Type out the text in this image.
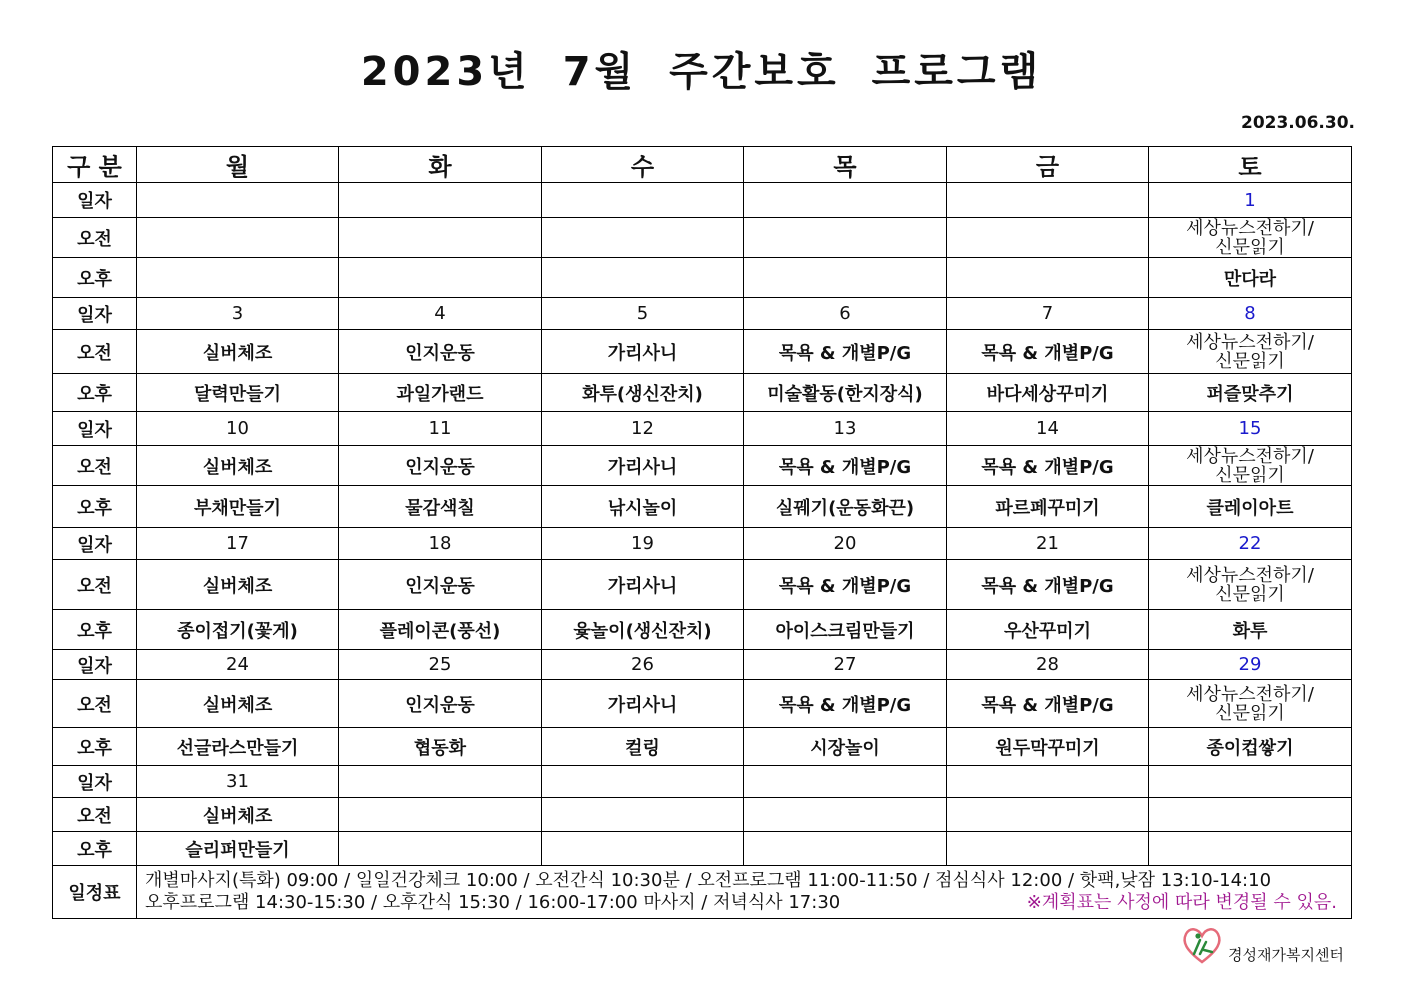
2023년 7월 주간보호 프로그램
2023.06.30.
구 분	월	화	수	목	금	토
일자						1
오전						세상뉴스전하기/
신문읽기

오후						만다라
일자	3	4	5	6	7	8
오전	실버체조	인지운동	가리사니	목욕 & 개별P/G	목욕 & 개별P/G	세상뉴스전하기/
신문읽기

오후	달력만들기	과일가랜드	화투(생신잔치)	미술활동(한지장식)	바다세상꾸미기	퍼즐맞추기
일자	10	11	12	13	14	15
오전	실버체조	인지운동	가리사니	목욕 & 개별P/G	목욕 & 개별P/G	세상뉴스전하기/
신문읽기

오후	부채만들기	물감색칠	낚시놀이	실꿰기(운동화끈)	파르페꾸미기	클레이아트
일자	17	18	19	20	21	22
오전	실버체조	인지운동	가리사니	목욕 & 개별P/G	목욕 & 개별P/G	세상뉴스전하기/
신문읽기

오후	종이접기(꽃게)	플레이콘(풍선)	윷놀이(생신잔치)	아이스크림만들기	우산꾸미기	화투
일자	24	25	26	27	28	29
오전	실버체조	인지운동	가리사니	목욕 & 개별P/G	목욕 & 개별P/G	세상뉴스전하기/
신문읽기

오후	선글라스만들기	협동화	컬링	시장놀이	원두막꾸미기	종이컵쌓기
일자	31					
오전	실버체조					
오후	슬리퍼만들기					
일정표	개별마사지(특화) 09:00 / 일일건강체크 10:00 / 오전간식 10:30분 / 오전프로그램 11:00-11:50 / 점심식사 12:00 / 핫팩,낮잠 13:10-14:10
오후프로그램 14:30-15:30 / 오후간식 15:30 / 16:00-17:00 마사지 / 저녁식사 17:30 ※계획표는 사정에 따라 변경될 수 있음.					
경성재가복지센터
